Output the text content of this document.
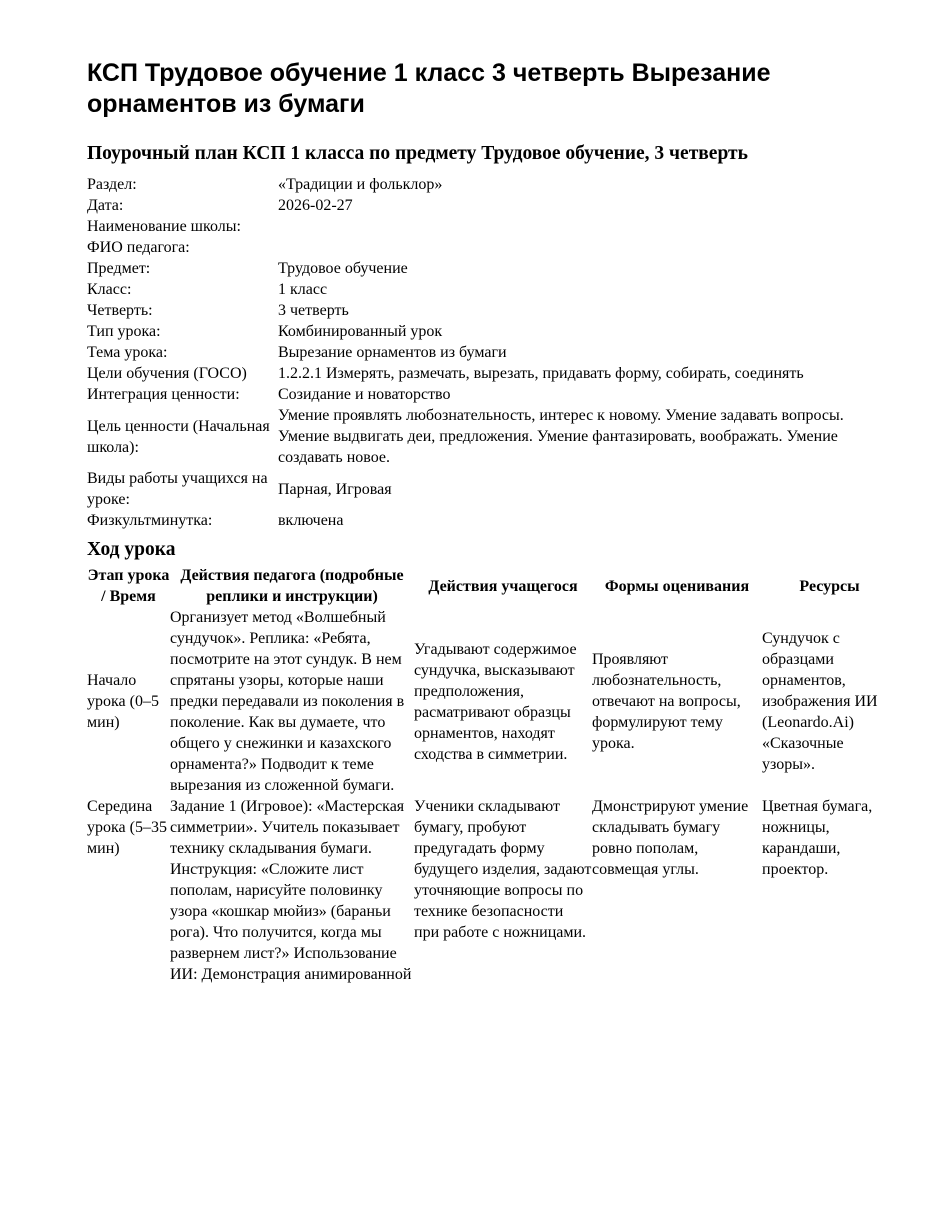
КСП Трудовое обучение 1 класс 3 четверть Вырезание орнаментов из бумаги
Поурочный план КСП 1 класса по предмету Трудовое обучение, 3 четверть
Раздел:	«Традиции и фольклор»
Дата:	2026-02-27
Наименование школы:	
ФИО педагога:	
Предмет:	Трудовое обучение
Класс:	1 класс
Четверть:	3 четверть
Тип урока:	Комбинированный урок
Тема урока:	Вырезание орнаментов из бумаги
Цели обучения (ГОСО)	1.2.2.1 Измерять, размечать, вырезать, придавать форму, собирать, соединять
Интеграция ценности:	Созидание и новаторство
Цель ценности (Начальная школа):	Умение проявлять любознательность, интерес к новому. Умение задавать вопросы. Умение выдвигать деи, предложения. Умение фантазировать, воображать. Умение создавать новое.
Виды работы учащихся на уроке:	Парная, Игровая
Физкультминутка:	включена
Ход урока
Этап урока / Время	Действия педагога (подробные реплики и инструкции)	Действия учащегося	Формы оценивания	Ресурсы
Начало урока (0–5 мин)	Организует метод «Волшебный сундучок». Реплика: «Ребята, посмотрите на этот сундук. В нем спрятаны узоры, которые наши предки передавали из поколения в поколение. Как вы думаете, что общего у снежинки и казахского орнамента?» Подводит к теме вырезания из сложенной бумаги.	Угадывают содержимое сундучка, высказывают предположения, расматривают образцы орнаментов, находят сходства в симметрии.	Проявляют любознательность, отвечают на вопросы, формулируют тему урока.	Сундучок с образцами орнаментов, изображения ИИ (Leonardo.Ai) «Сказочные узоры».
Середина урока (5–35 мин)	Задание 1 (Игровое): «Мастерская симметрии». Учитель показывает технику складывания бумаги. Инструкция: «Сложите лист пополам, нарисуйте половинку узора «кошкар мюйиз» (бараньи рога). Что получится, когда мы развернем лист?» Использование ИИ: Демонстрация анимированной	Ученики складывают бумагу, пробуют предугадать форму будущего изделия, задают уточняющие вопросы по технике безопасности при работе с ножницами.	Дмонстрируют умение складывать бумагу ровно пополам, совмещая углы.	Цветная бумага, ножницы, карандаши, проектор.
